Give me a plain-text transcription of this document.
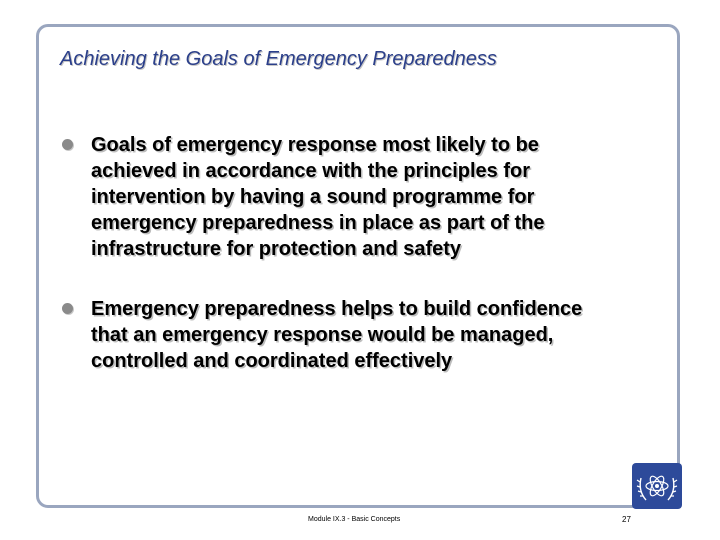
Achieving the Goals of Emergency Preparedness
Goals of emergency response most likely to be achieved in accordance with the principles for intervention by having a sound programme for emergency preparedness in place as part of the infrastructure for protection and safety
Emergency preparedness helps to build confidence that an emergency response would be managed, controlled and coordinated effectively
Module IX.3 - Basic Concepts	27
